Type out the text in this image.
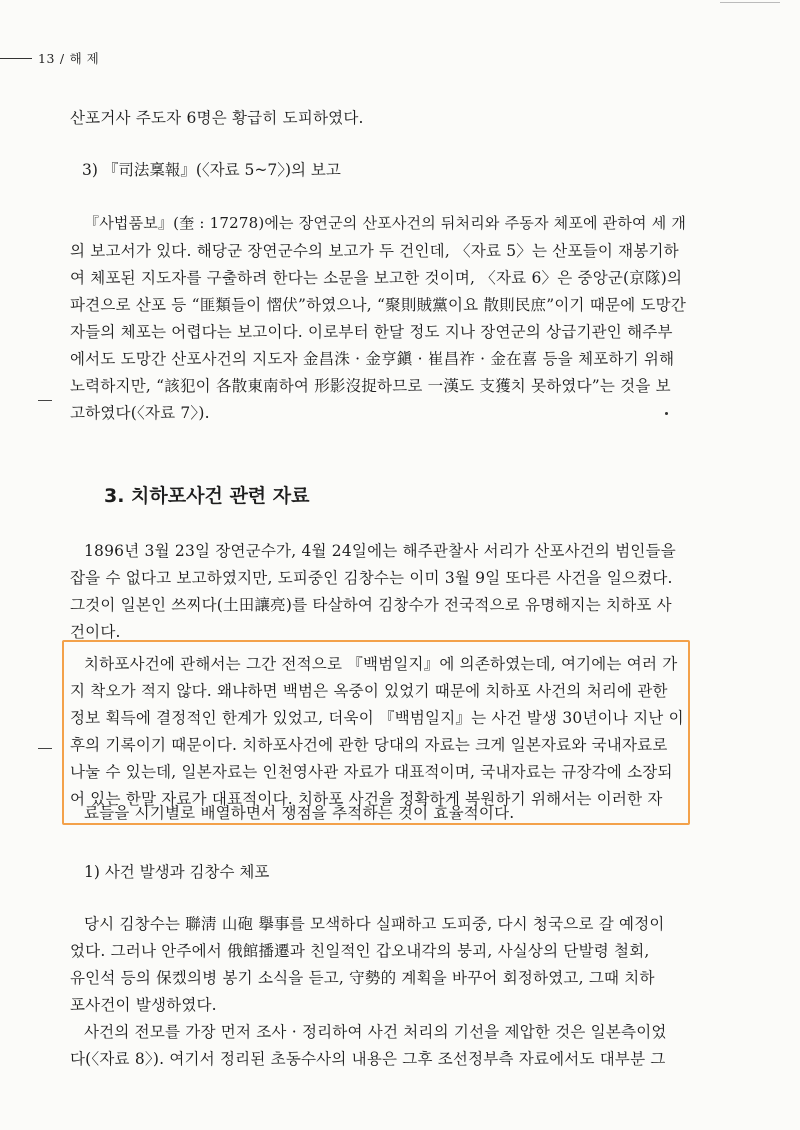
13 / 해 제
산포거사 주도자 6명은 황급히 도피하였다.
3) 『司法稟報』(〈자료 5~7〉)의 보고
『사법품보』(奎 : 17278)에는 장연군의 산포사건의 뒤처리와 주동자 체포에 관하여 세 개
의 보고서가 있다. 해당군 장연군수의 보고가 두 건인데, 〈자료 5〉는 산포들이 재봉기하
여 체포된 지도자를 구출하려 한다는 소문을 보고한 것이며, 〈자료 6〉은 중앙군(京隊)의
파견으로 산포 등 “匪類들이 慴伏”하였으나, “聚則賊黨이요 散則民庶”이기 때문에 도망간
자들의 체포는 어렵다는 보고이다. 이로부터 한달 정도 지나 장연군의 상급기관인 해주부
에서도 도망간 산포사건의 지도자 金昌洙 · 金亨鎭 · 崔昌祚 · 金在喜 등을 체포하기 위해
노력하지만, “該犯이 各散東南하여 形影沒捉하므로 一漢도 支獲치 못하였다”는 것을 보
고하였다(〈자료 7〉).
3. 치하포사건 관련 자료
1896년 3월 23일 장연군수가, 4월 24일에는 해주관찰사 서리가 산포사건의 범인들을
잡을 수 없다고 보고하였지만, 도피중인 김창수는 이미 3월 9일 또다른 사건을 일으켰다.
그것이 일본인 쓰찌다(土田讓亮)를 타살하여 김창수가 전국적으로 유명해지는 치하포 사
건이다.
치하포사건에 관해서는 그간 전적으로 『백범일지』에 의존하였는데, 여기에는 여러 가
지 착오가 적지 않다. 왜냐하면 백범은 옥중이 있었기 때문에 치하포 사건의 처리에 관한
정보 획득에 결정적인 한계가 있었고, 더욱이 『백범일지』는 사건 발생 30년이나 지난 이
후의 기록이기 때문이다. 치하포사건에 관한 당대의 자료는 크게 일본자료와 국내자료로
나눌 수 있는데, 일본자료는 인천영사관 자료가 대표적이며, 국내자료는 규장각에 소장되
어 있는 한말 자료가 대표적이다. 치하포 사건을 정확하게 복원하기 위해서는 이러한 자
료들을 시기별로 배열하면서 쟁점을 추적하는 것이 효율적이다.
1) 사건 발생과 김창수 체포
당시 김창수는 聯淸 山砲 擧事를 모색하다 실패하고 도피중, 다시 청국으로 갈 예정이
었다. 그러나 안주에서 俄館播遷과 친일적인 갑오내각의 붕괴, 사실상의 단발령 철회,
유인석 등의 保켔의병 봉기 소식을 듣고, 守勢的 계획을 바꾸어 회정하였고, 그때 치하
포사건이 발생하였다.
사건의 전모를 가장 먼저 조사 · 정리하여 사건 처리의 기선을 제압한 것은 일본측이었
다(〈자료 8〉). 여기서 정리된 초동수사의 내용은 그후 조선정부측 자료에서도 대부분 그
